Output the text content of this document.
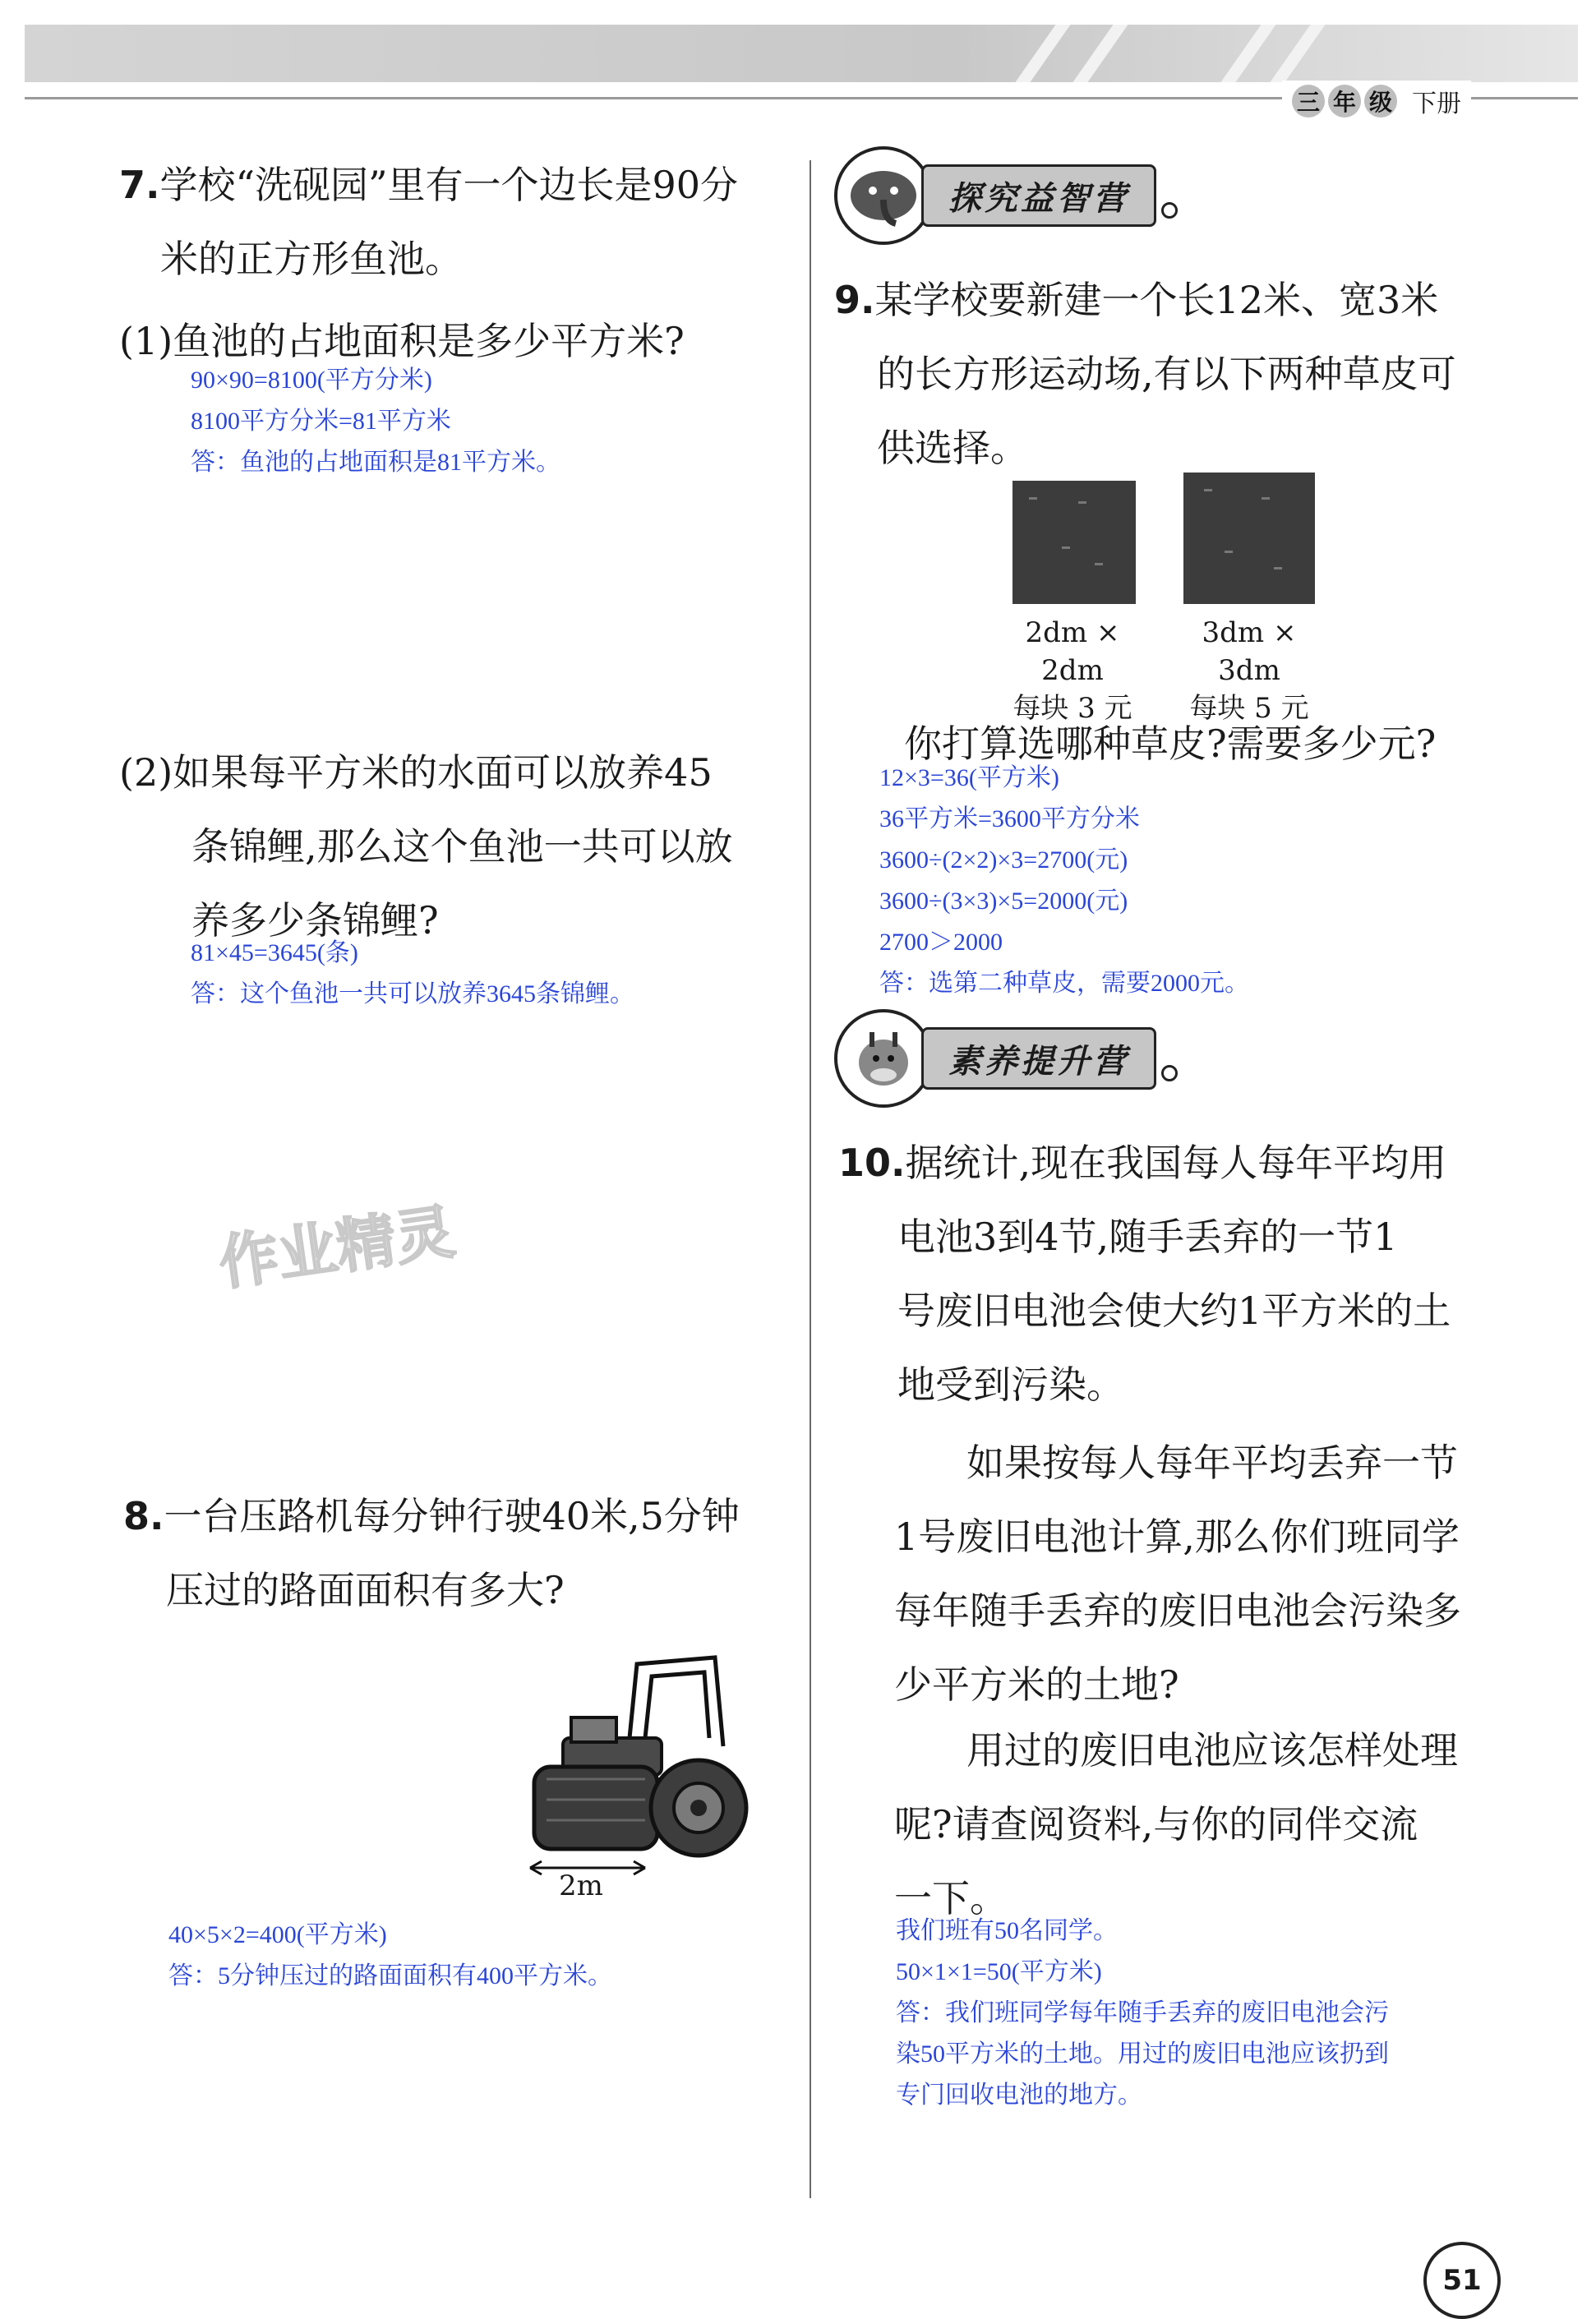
三 年 级 下册
7.学校“洗砚园”里有一个边长是90分
米的正方形鱼池。
(1)鱼池的占地面积是多少平方米?
90×90=8100(平方分米)
8100平方分米=81平方米
答：鱼池的占地面积是81平方米。
(2)如果每平方米的水面可以放养45
条锦鲤,那么这个鱼池一共可以放
养多少条锦鲤?
81×45=3645(条)
答：这个鱼池一共可以放养3645条锦鲤。
作业精灵
8.一台压路机每分钟行驶40米,5分钟
压过的路面面积有多大?
2m
40×5×2=400(平方米)
答：5分钟压过的路面面积有400平方米。
探究益智营
9.某学校要新建一个长12米、宽3米
的长方形运动场,有以下两种草皮可
供选择。
2dm × 2dm
每块 3 元
3dm × 3dm
每块 5 元
你打算选哪种草皮?需要多少元?
12×3=36(平方米)
36平方米=3600平方分米
3600÷(2×2)×3=2700(元)
3600÷(3×3)×5=2000(元)
2700＞2000
答：选第二种草皮，需要2000元。
素养提升营
10.据统计,现在我国每人每年平均用
电池3到4节,随手丢弃的一节1
号废旧电池会使大约1平方米的土
地受到污染。
如果按每人每年平均丢弃一节
1号废旧电池计算,那么你们班同学
每年随手丢弃的废旧电池会污染多
少平方米的土地?
用过的废旧电池应该怎样处理
呢?请查阅资料,与你的同伴交流
一下。
我们班有50名同学。
50×1×1=50(平方米)
答：我们班同学每年随手丢弃的废旧电池会污
染50平方米的土地。用过的废旧电池应该扔到
专门回收电池的地方。
51
